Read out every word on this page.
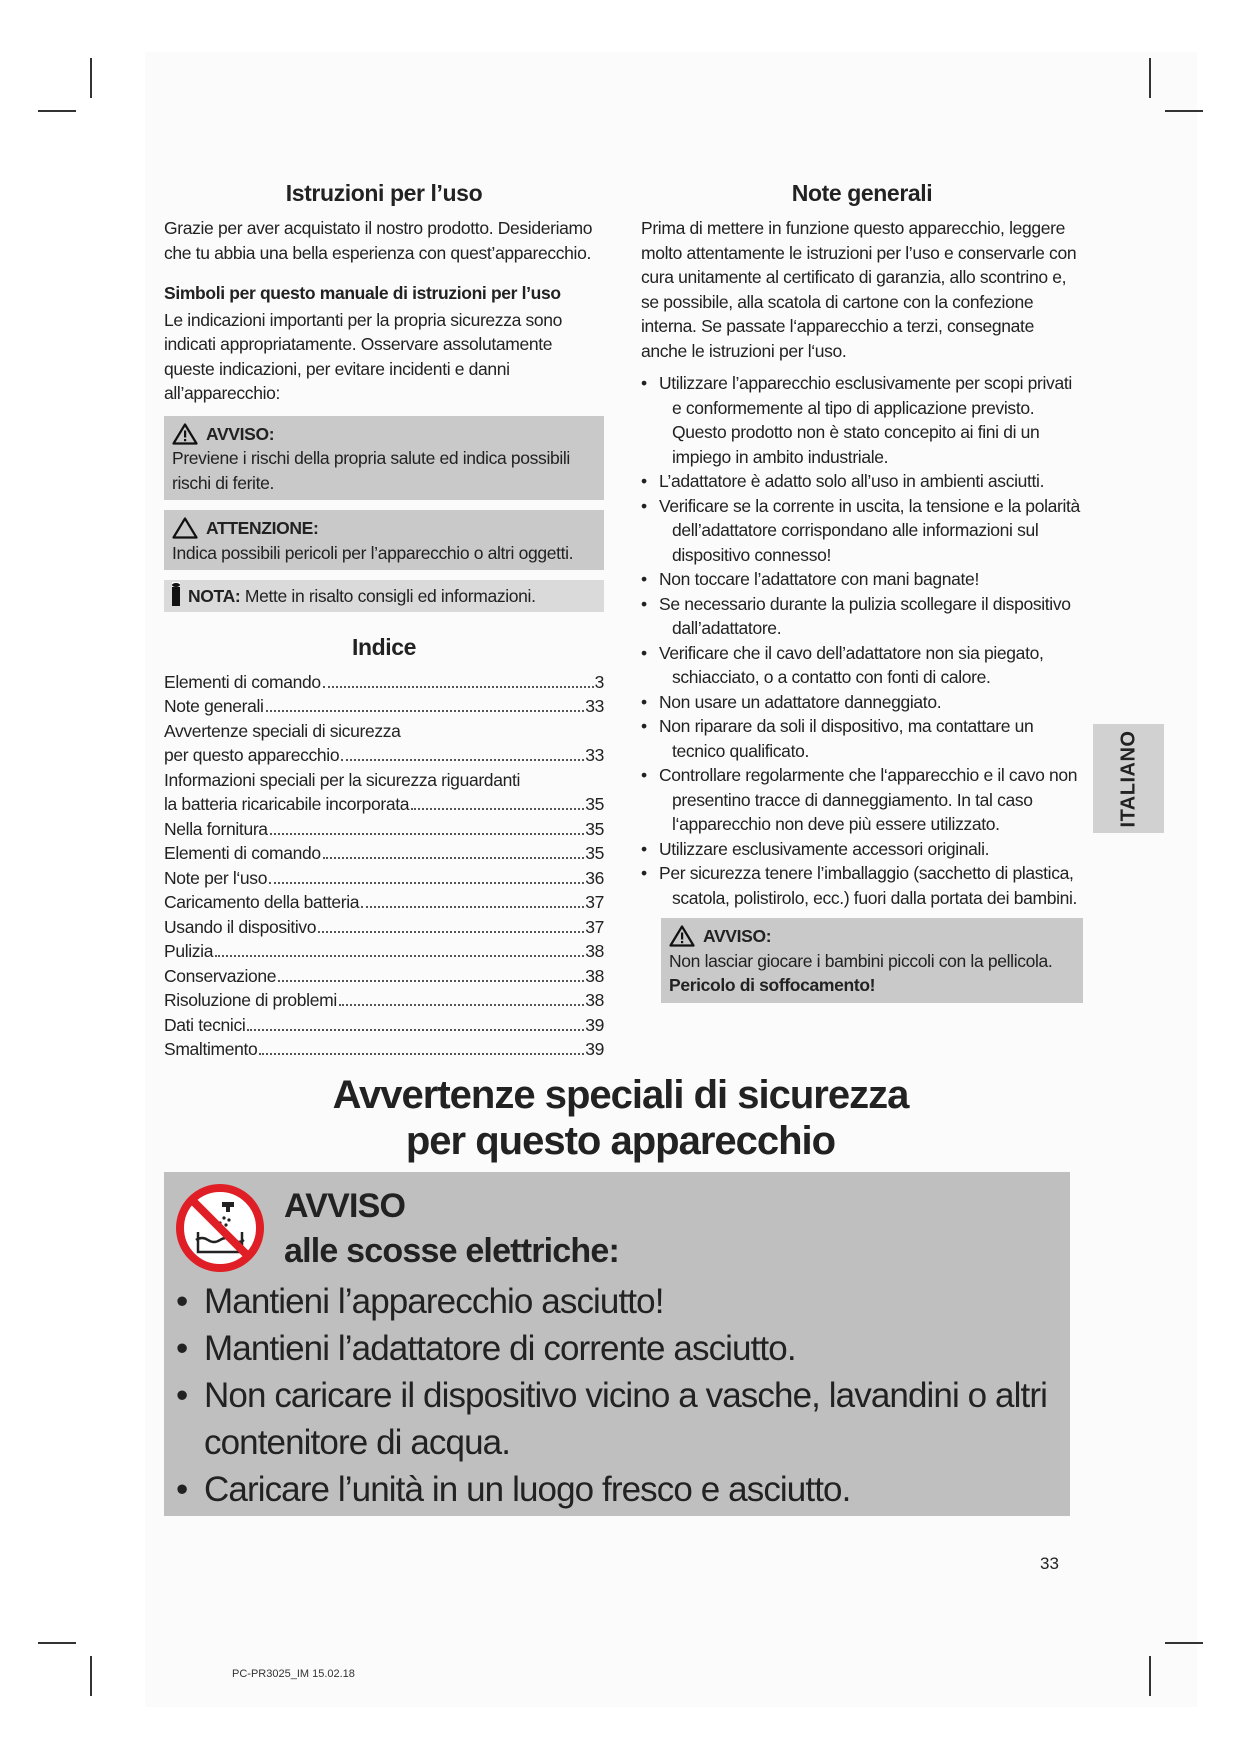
Istruzioni per l’uso

Grazie per aver acquistato il nostro prodotto. Desideriamo che tu abbia una bella esperienza con quest’apparecchio.

Simboli per questo manuale di istruzioni per l’uso

Le indicazioni importanti per la propria sicurezza sono indicati appropriatamente. Osservare assolutamente queste indicazioni, per evitare incidenti e danni all’apparecchio:

AVVISO:

Previene i rischi della propria salute ed indica possibili rischi di ferite.

ATTENZIONE:

Indica possibili pericoli per l’apparecchio o altri oggetti.

NOTA: Mette in risalto consigli ed informazioni.
Indice
Elementi di comando	3
Note generali	33
Avvertenze speciali di sicurezza
per questo apparecchio	33
Informazioni speciali per la sicurezza riguardanti
la batteria ricaricabile incorporata	35
Nella fornitura	35
Elementi di comando	35
Note per l‘uso	36
Caricamento della batteria	37
Usando il dispositivo	37
Pulizia	38
Conservazione	38
Risoluzione di problemi	38
Dati tecnici	39
Smaltimento	39
Note generali

Prima di mettere in funzione questo apparecchio, leggere molto attentamente le istruzioni per l’uso e conservarle con cura unitamente al certificato di garanzia, allo scontrino e, se possibile, alla scatola di cartone con la confezione interna. Se passate l‘apparecchio a terzi, consegnate anche le istruzioni per l‘uso.

• Utilizzare l’apparecchio esclusivamente per scopi privati e conformemente al tipo di applicazione previsto. Questo prodotto non è stato concepito ai fini di un impiego in ambito industriale.
• L’adattatore è adatto solo all’uso in ambienti asciutti.
• Verificare se la corrente in uscita, la tensione e la polarità dell’adattatore corrispondano alle informazioni sul dispositivo connesso!
• Non toccare l’adattatore con mani bagnate!
• Se necessario durante la pulizia scollegare il dispositivo dall’adattatore.
• Verificare che il cavo dell’adattatore non sia piegato, schiacciato, o a contatto con fonti di calore.
• Non usare un adattatore danneggiato.
• Non riparare da soli il dispositivo, ma contattare un tecnico qualificato.
• Controllare regolarmente che l‘apparecchio e il cavo non presentino tracce di danneggiamento. In tal caso l‘apparecchio non deve più essere utilizzato.
• Utilizzare esclusivamente accessori originali.
• Per sicurezza tenere l’imballaggio (sacchetto di plastica, scatola, polistirolo, ecc.) fuori dalla portata dei bambini.
AVVISO:

Non lasciar giocare i bambini piccoli con la pellicola.

Pericolo di soffocamento!

ITALIANO
Avvertenze speciali di sicurezza
per questo apparecchio
AVVISO
alle scosse elettriche:
• Mantieni l’apparecchio asciutto!
• Mantieni l’adattatore di corrente asciutto.
• Non caricare il dispositivo vicino a vasche, lavandini o altri contenitore di acqua.
• Caricare l’unità in un luogo fresco e asciutto.
33
PC-PR3025_IM 15.02.18
